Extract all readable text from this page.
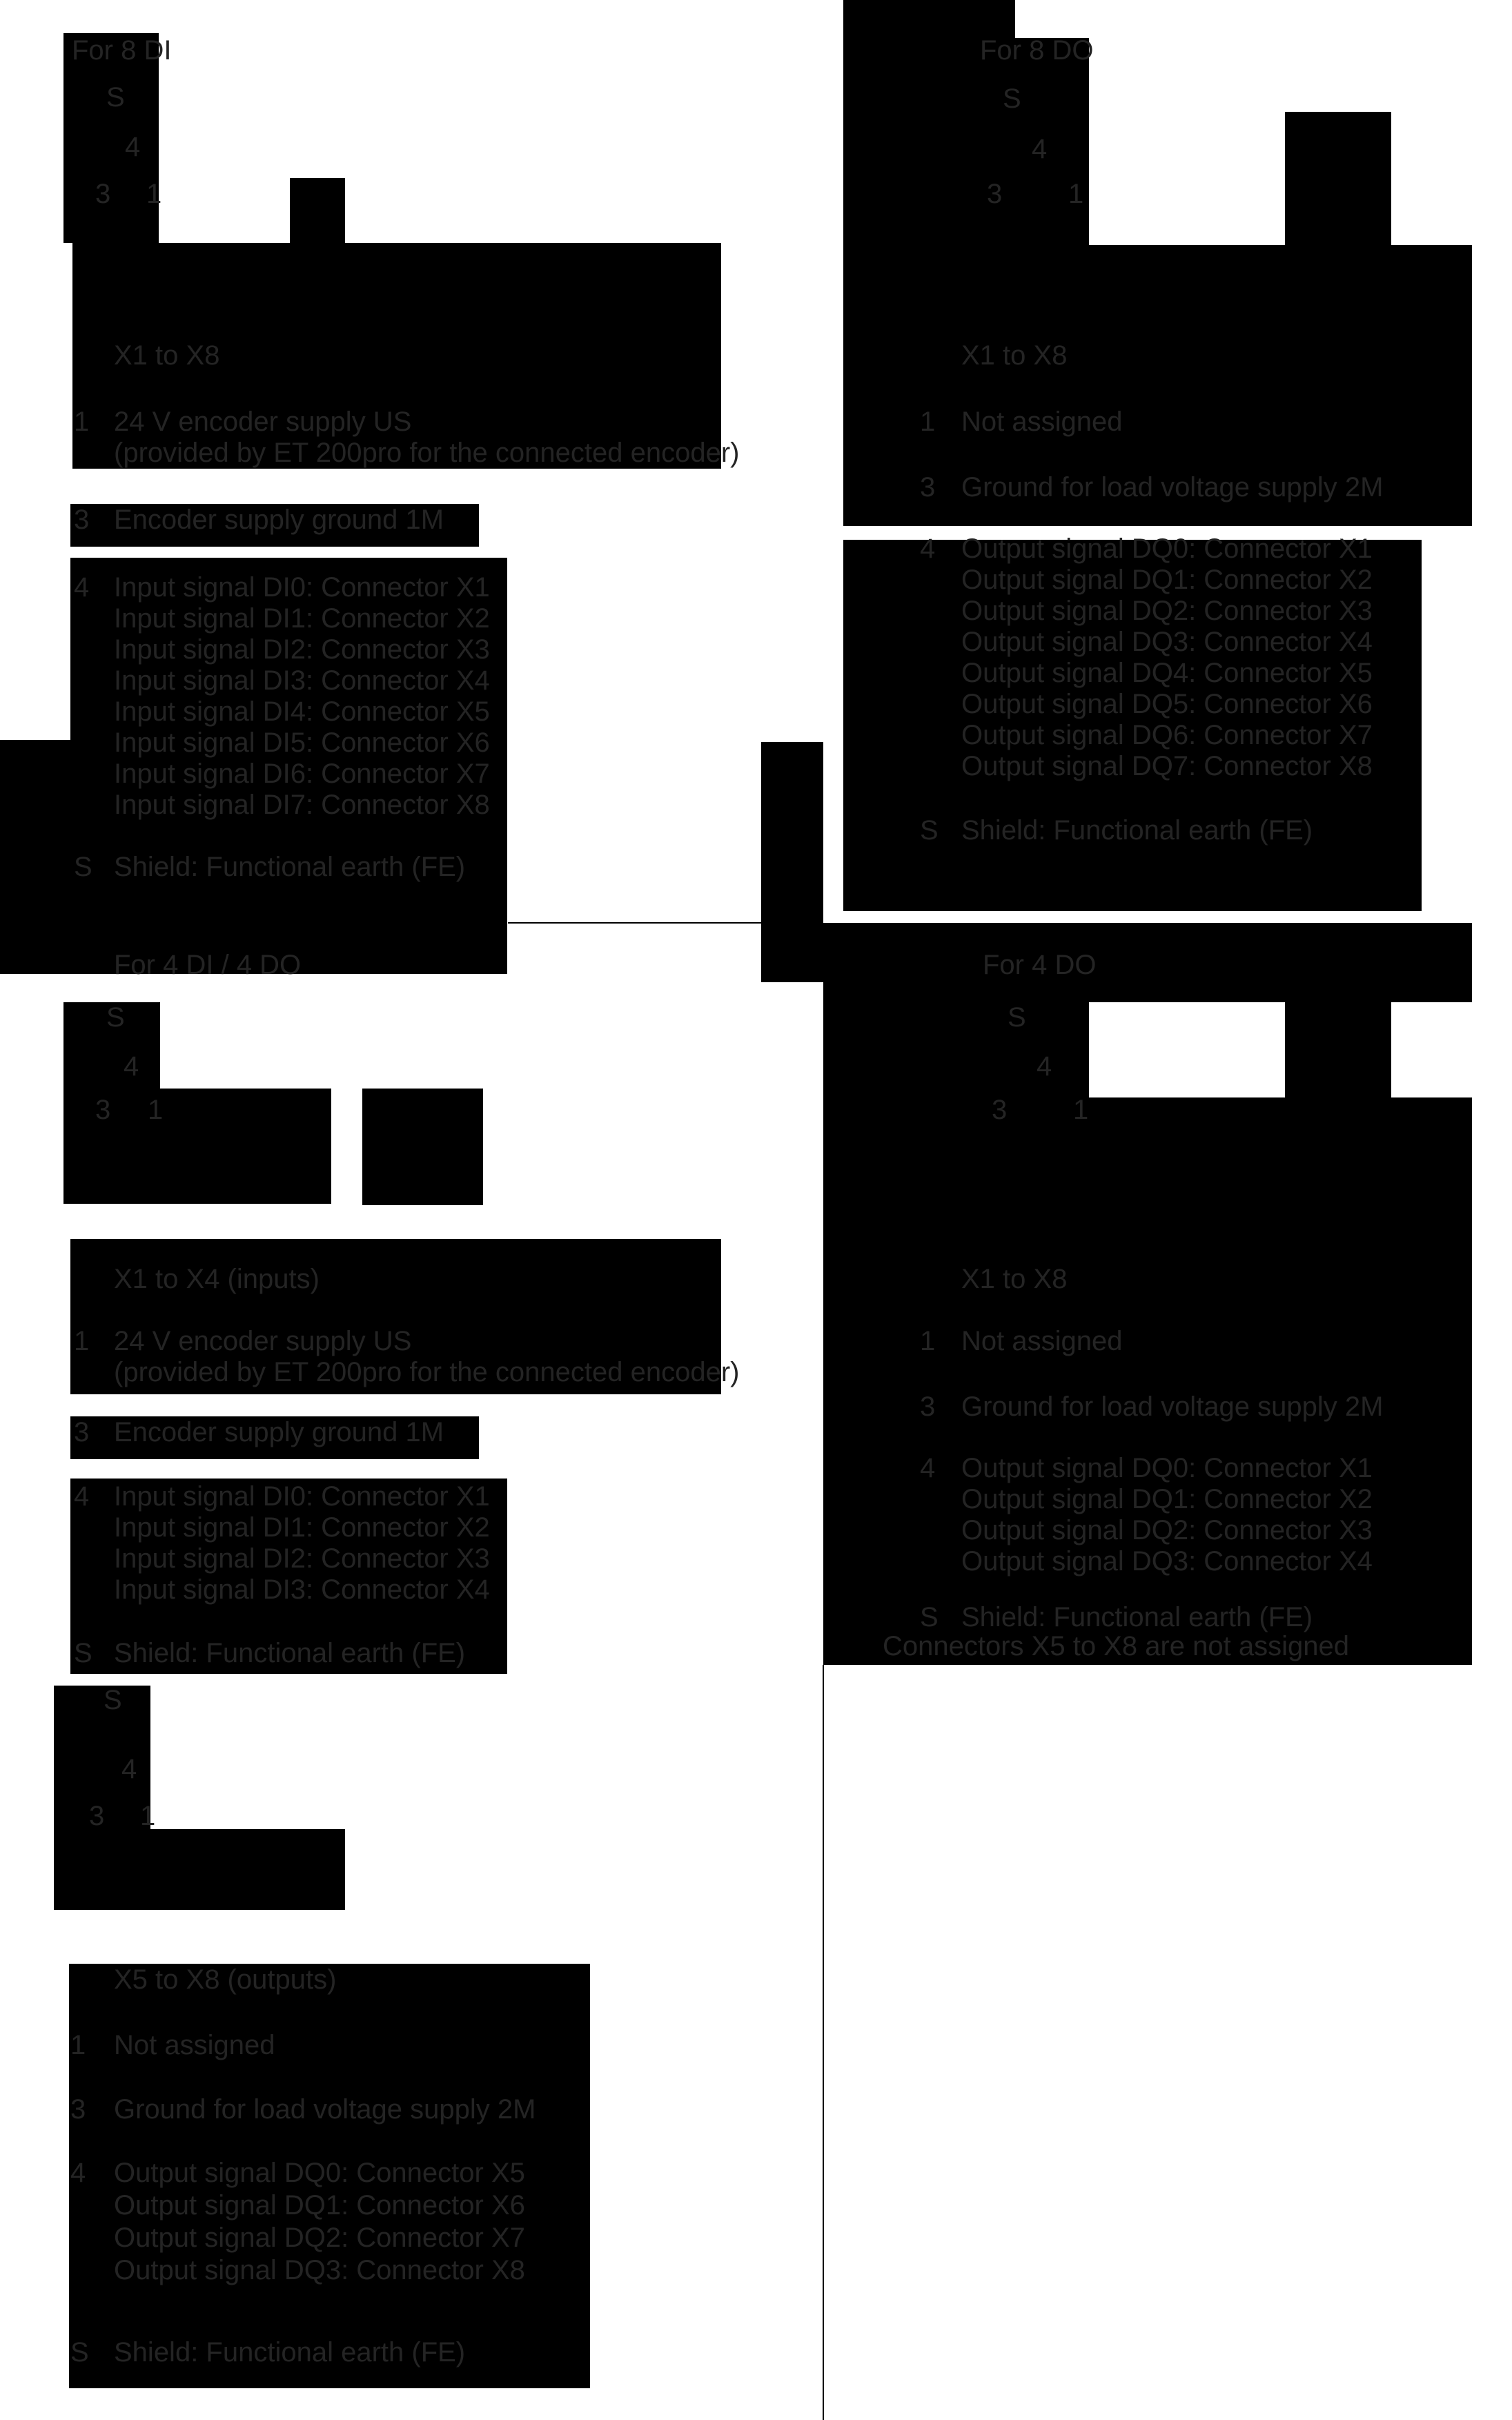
For 8 DI
S
4
3 1
X1 to X8
1 24 V encoder supply US
(provided by ET 200pro for the connected encoder)
3 Encoder supply ground 1M
4 Input signal DI0: Connector X1
Input signal DI1: Connector X2
Input signal DI2: Connector X3
Input signal DI3: Connector X4
Input signal DI4: Connector X5
Input signal DI5: Connector X6
Input signal DI6: Connector X7
Input signal DI7: Connector X8
S Shield: Functional earth (FE)
For 8 DO
S
4
3 1
X1 to X8
1 Not assigned
3 Ground for load voltage supply 2M
4 Output signal DQ0: Connector X1
Output signal DQ1: Connector X2
Output signal DQ2: Connector X3
Output signal DQ3: Connector X4
Output signal DQ4: Connector X5
Output signal DQ5: Connector X6
Output signal DQ6: Connector X7
Output signal DQ7: Connector X8
S Shield: Functional earth (FE)
For 4 DI / 4 DO
S
4
3 1
X1 to X4 (inputs)
1 24 V encoder supply US
(provided by ET 200pro for the connected encoder)
3 Encoder supply ground 1M
4 Input signal DI0: Connector X1
Input signal DI1: Connector X2
Input signal DI2: Connector X3
Input signal DI3: Connector X4
S Shield: Functional earth (FE)
S
4
3 1
X5 to X8 (outputs)
1 Not assigned
3 Ground for load voltage supply 2M
4 Output signal DQ0: Connector X5
Output signal DQ1: Connector X6
Output signal DQ2: Connector X7
Output signal DQ3: Connector X8
S Shield: Functional earth (FE)
For 4 DO
S
4
3 1
X1 to X8
1 Not assigned
3 Ground for load voltage supply 2M
4 Output signal DQ0: Connector X1
Output signal DQ1: Connector X2
Output signal DQ2: Connector X3
Output signal DQ3: Connector X4
S Shield: Functional earth (FE)
Connectors X5 to X8 are not assigned
